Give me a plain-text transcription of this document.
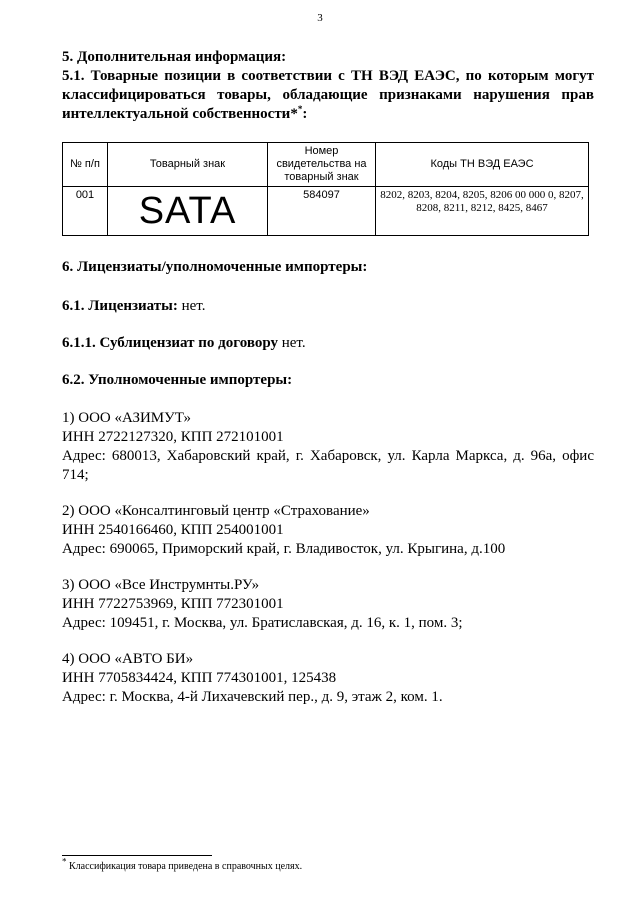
3

5. Дополнительная информация:

5.1. Товарные позиции в соответствии с ТН ВЭД ЕАЭС, по которым могут классифицироваться товары, обладающие признаками нарушения прав интеллектуальной собственности**:

№ п/п	Товарный знак	Номер свидетельства на товарный знак	Коды ТН ВЭД ЕАЭС
001	SATA	584097	8202, 8203, 8204, 8205, 8206 00 000 0, 8207, 8208, 8211, 8212, 8425, 8467

6. Лицензиаты/уполномоченные импортеры:

6.1. Лицензиаты: нет.

6.1.1. Сублицензиат по договору нет.

6.2. Уполномоченные импортеры:

1) ООО «АЗИМУТ»
ИНН 2722127320, КПП 272101001
Адрес: 680013, Хабаровский край, г. Хабаровск, ул. Карла Маркса, д. 96а, офис 714;
2) ООО «Консалтинговый центр «Страхование»
ИНН 2540166460, КПП 254001001
Адрес: 690065, Приморский край, г. Владивосток, ул. Крыгина, д.100
3) ООО «Все Инструмнты.РУ»
ИНН 7722753969, КПП 772301001
Адрес: 109451, г. Москва, ул. Братиславская, д. 16, к. 1, пом. 3;
4) ООО «АВТО БИ»
ИНН 7705834424, КПП 774301001, 125438
Адрес: г. Москва, 4-й Лихачевский пер., д. 9, этаж 2, ком. 1.
* Классификация товара приведена в справочных целях.
